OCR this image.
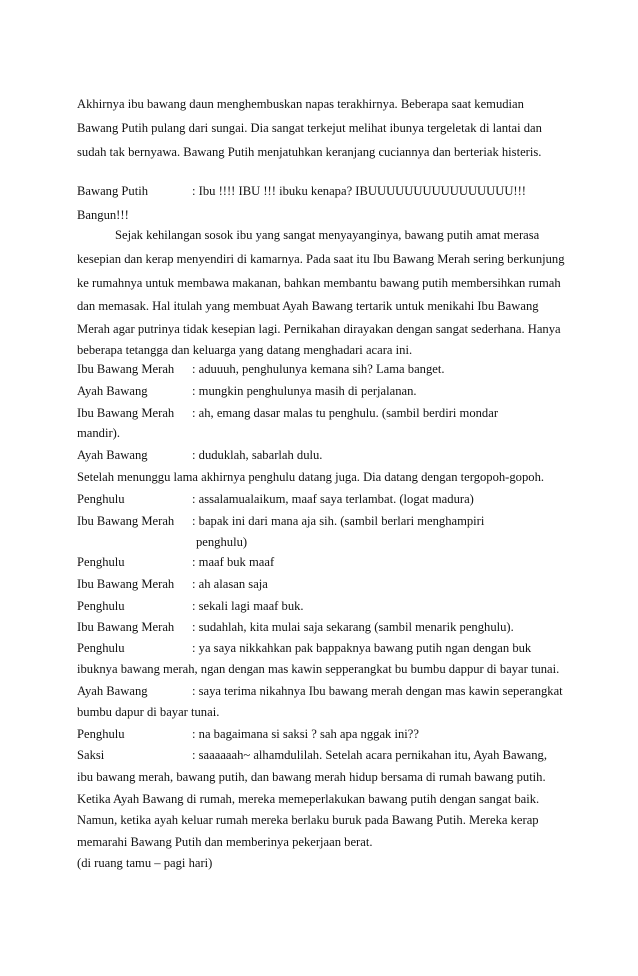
Akhirnya ibu bawang daun menghembuskan napas terakhirnya. Beberapa saat kemudian
Bawang Putih pulang dari sungai. Dia sangat terkejut melihat ibunya tergeletak di lantai dan
sudah tak bernyawa. Bawang Putih menjatuhkan keranjang cuciannya dan berteriak histeris.
Bawang Putih	: Ibu !!!! IBU !!! ibuku kenapa? IBUUUUUUUUUUUUUUUU!!!
Bangun!!!
Sejak kehilangan sosok ibu yang sangat menyayanginya, bawang putih amat merasa
kesepian dan kerap menyendiri di kamarnya. Pada saat itu Ibu Bawang Merah sering berkunjung
ke rumahnya untuk membawa makanan, bahkan membantu bawang putih membersihkan rumah
dan memasak. Hal itulah yang membuat Ayah Bawang tertarik untuk menikahi Ibu Bawang
Merah agar putrinya tidak kesepian lagi. Pernikahan dirayakan dengan sangat sederhana. Hanya
beberapa tetangga dan keluarga yang datang menghadari acara ini.
Ibu Bawang Merah : aduuuh, penghulunya kemana sih? Lama banget.
Ayah Bawang	: mungkin penghulunya masih di perjalanan.
Ibu Bawang Merah : ah, emang dasar malas tu penghulu. (sambil berdiri mondar
mandir).
Ayah Bawang	: duduklah, sabarlah dulu.
Setelah menunggu lama akhirnya penghulu datang juga. Dia datang dengan tergopoh-gopoh.
Penghulu	: assalamualaikum, maaf saya terlambat. (logat madura)
Ibu Bawang Merah : bapak ini dari mana aja sih. (sambil berlari menghampiri
penghulu)
Penghulu	: maaf buk maaf
Ibu Bawang Merah : ah alasan saja
Penghulu	: sekali lagi maaf buk.
Ibu Bawang Merah : sudahlah, kita mulai saja sekarang (sambil menarik penghulu).
Penghulu	: ya saya nikkahkan pak bappaknya bawang putih ngan dengan buk
ibuknya bawang merah, ngan dengan mas kawin sepperangkat bu bumbu dappur di bayar tunai.
Ayah Bawang	: saya terima nikahnya Ibu bawang merah dengan mas kawin seperangkat
bumbu dapur di bayar tunai.
Penghulu	: na bagaimana si saksi ? sah apa nggak ini??
Saksi	: saaaaaah~ alhamdulilah. Setelah acara pernikahan itu, Ayah Bawang,
ibu bawang merah, bawang putih, dan bawang merah hidup bersama di rumah bawang putih.
Ketika Ayah Bawang di rumah, mereka memeperlakukan bawang putih dengan sangat baik.
Namun, ketika ayah keluar rumah mereka berlaku buruk pada Bawang Putih. Mereka kerap
memarahi Bawang Putih dan memberinya pekerjaan berat.
(di ruang tamu – pagi hari)
